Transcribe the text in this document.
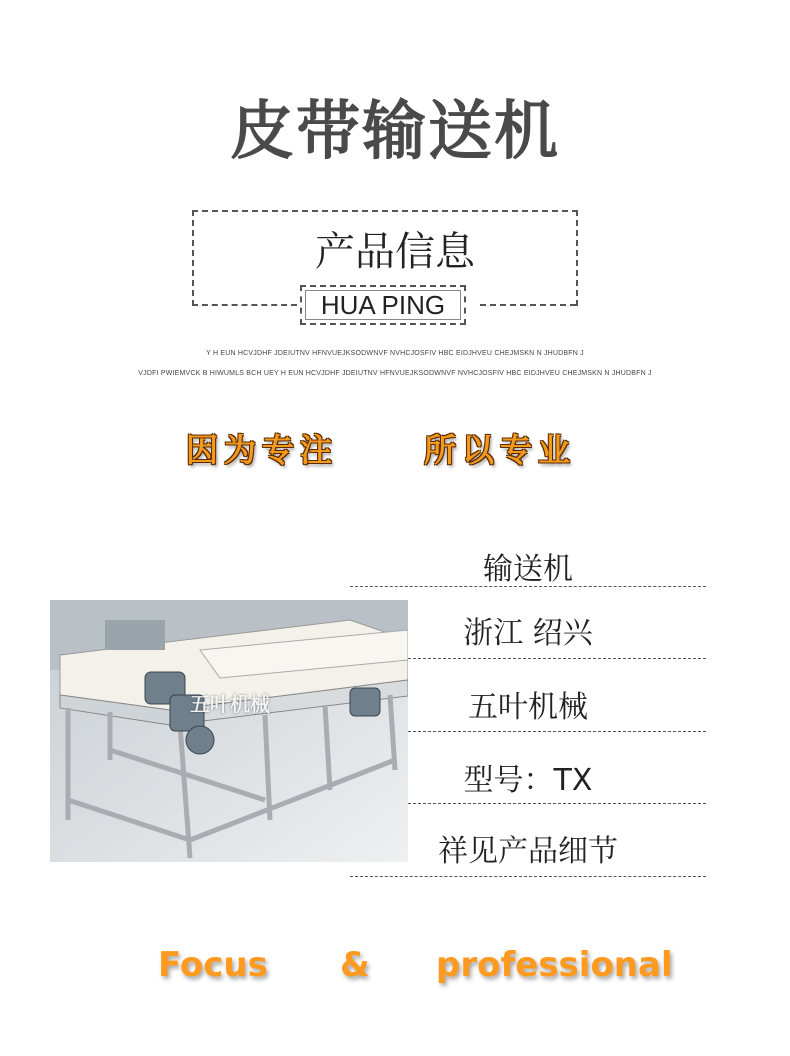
皮带输送机
产品信息
HUA PING
Y H EUN HCVJDHF JDEIUTNV HFNVUEJKSODWNVF NVHCJOSFIV HBC EIDJHVEU CHEJMSKN N JHUDBFN J
VJDFI PWIEMVCK B HIWUMLS BCH UEY H EUN HCVJDHF JDEIUTNV HFNVUEJKSODWNVF NVHCJOSFIV HBC EIDJHVEU CHEJMSKN N JHUDBFN J
因为专注	所以专业
输送机
浙江 绍兴
五叶机械
型号：TX
祥见产品细节
五叶机械
Focus & professional
